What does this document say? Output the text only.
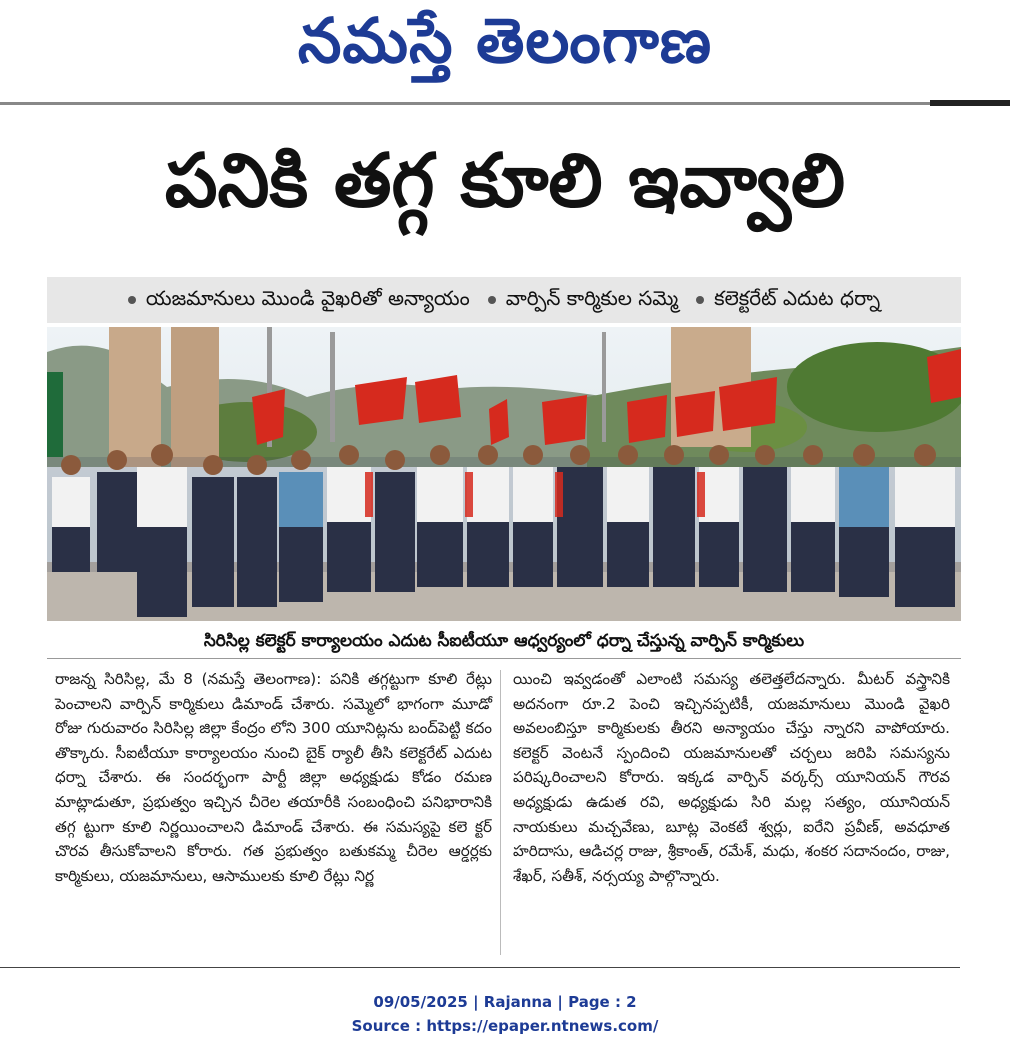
నమస్తే తెలంగాణ
పనికి తగ్గ కూలి ఇవ్వాలి
యజమానులు మొండి వైఖరితో అన్యాయం వార్పిన్ కార్మికుల సమ్మె కలెక్టరేట్ ఎదుట ధర్నా
సిరిసిల్ల కలెక్టర్ కార్యాలయం ఎదుట సీఐటీయూ ఆధ్వర్యంలో ధర్నా చేస్తున్న వార్పిన్ కార్మికులు
రాజన్న సిరిసిల్ల, మే 8 (నమస్తే తెలంగాణ): పనికి తగ్గట్టుగా కూలి రేట్లు పెంచాలని వార్పిన్ కార్మికులు డిమాండ్ చేశారు. సమ్మెలో భాగంగా మూడో రోజు గురువారం సిరిసిల్ల జిల్లా కేంద్రం లోని 300 యూనిట్లను బంద్‌పెట్టి కదం తొక్కారు. సీఐటీయూ కార్యాలయం నుంచి బైక్ ర్యాలీ తీసి కలెక్టరేట్ ఎదుట ధర్నా చేశారు. ఈ సందర్భంగా పార్టీ జిల్లా అధ్యక్షుడు కోడం రమణ మాట్లాడుతూ, ప్రభుత్వం ఇచ్చిన చీరెల తయారీకి సంబంధించి పనిభారానికి తగ్గ ట్టుగా కూలి నిర్ణయించాలని డిమాండ్ చేశారు. ఈ సమస్యపై కలె క్టర్ చొరవ తీసుకోవాలని కోరారు. గత ప్రభుత్వం బతుకమ్మ చీరెల ఆర్డర్లకు కార్మికులు, యజమానులు, ఆసాములకు కూలి రేట్లు నిర్ణ
యించి ఇవ్వడంతో ఎలాంటి సమస్య తలెత్తలేదన్నారు. మీటర్ వస్త్రానికి అదనంగా రూ.2 పెంచి ఇచ్చినప్పటికీ, యజమానులు మొండి వైఖరి అవలంబిస్తూ కార్మికులకు తీరని అన్యాయం చేస్తు న్నారని వాపోయారు. కలెక్టర్ వెంటనే స్పందించి యజమానులతో చర్చలు జరిపి సమస్యను పరిష్కరించాలని కోరారు. ఇక్కడ వార్పిన్ వర్కర్స్ యూనియన్ గౌరవ అధ్యక్షుడు ఉడుత రవి, అధ్యక్షుడు సిరి మల్ల సత్యం, యూనియన్ నాయకులు మచ్చవేణు, బూట్ల వెంకటే శ్వర్లు, ఐరేని ప్రవీణ్, అవధూత హరిదాసు, ఆడిచర్ల రాజు, శ్రీకాంత్, రమేశ్, మధు, శంకర సదానందం, రాజు, శేఖర్, సతీశ్, నర్సయ్య పాల్గొన్నారు.
09/05/2025 | Rajanna | Page : 2
Source : https://epaper.ntnews.com/
